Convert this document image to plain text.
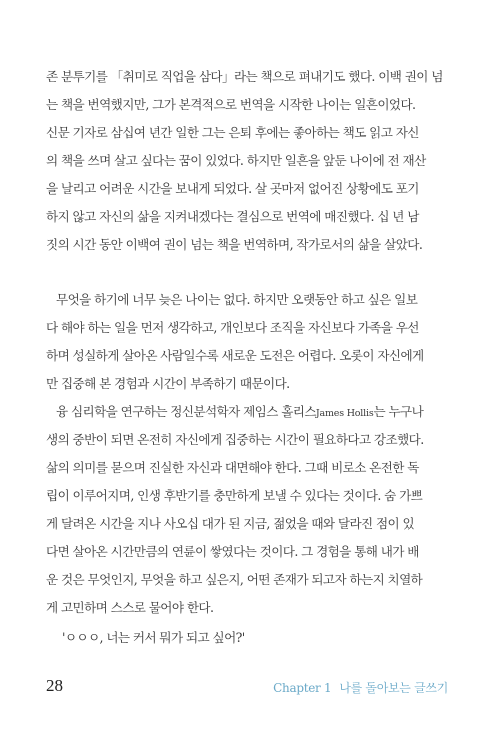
존 분투기를 「취미로 직업을 삼다」라는 책으로 펴내기도 했다. 이백 권이 넘
는 책을 번역했지만, 그가 본격적으로 번역을 시작한 나이는 일흔이었다.
신문 기자로 삼십여 년간 일한 그는 은퇴 후에는 좋아하는 책도 읽고 자신
의 책을 쓰며 살고 싶다는 꿈이 있었다. 하지만 일흔을 앞둔 나이에 전 재산
을 날리고 어려운 시간을 보내게 되었다. 살 곳마저 없어진 상황에도 포기
하지 않고 자신의 삶을 지켜내겠다는 결심으로 번역에 매진했다. 십 년 남
짓의 시간 동안 이백여 권이 넘는 책을 번역하며, 작가로서의 삶을 살았다.
무엇을 하기에 너무 늦은 나이는 없다. 하지만 오랫동안 하고 싶은 일보
다 해야 하는 일을 먼저 생각하고, 개인보다 조직을 자신보다 가족을 우선
하며 성실하게 살아온 사람일수록 새로운 도전은 어렵다. 오롯이 자신에게
만 집중해 본 경험과 시간이 부족하기 때문이다.
융 심리학을 연구하는 정신분석학자 제임스 홀리스James Hollis는 누구나
생의 중반이 되면 온전히 자신에게 집중하는 시간이 필요하다고 강조했다.
삶의 의미를 묻으며 진실한 자신과 대면해야 한다. 그때 비로소 온전한 독
립이 이루어지며, 인생 후반기를 충만하게 보낼 수 있다는 것이다. 숨 가쁘
게 달려온 시간을 지나 사오십 대가 된 지금, 젊었을 때와 달라진 점이 있
다면 살아온 시간만큼의 연륜이 쌓였다는 것이다. 그 경험을 통해 내가 배
운 것은 무엇인지, 무엇을 하고 싶은지, 어떤 존재가 되고자 하는지 치열하
게 고민하며 스스로 물어야 한다.
'ㅇㅇㅇ, 너는 커서 뭐가 되고 싶어?'
28	Chapter 1 나를 돌아보는 글쓰기
